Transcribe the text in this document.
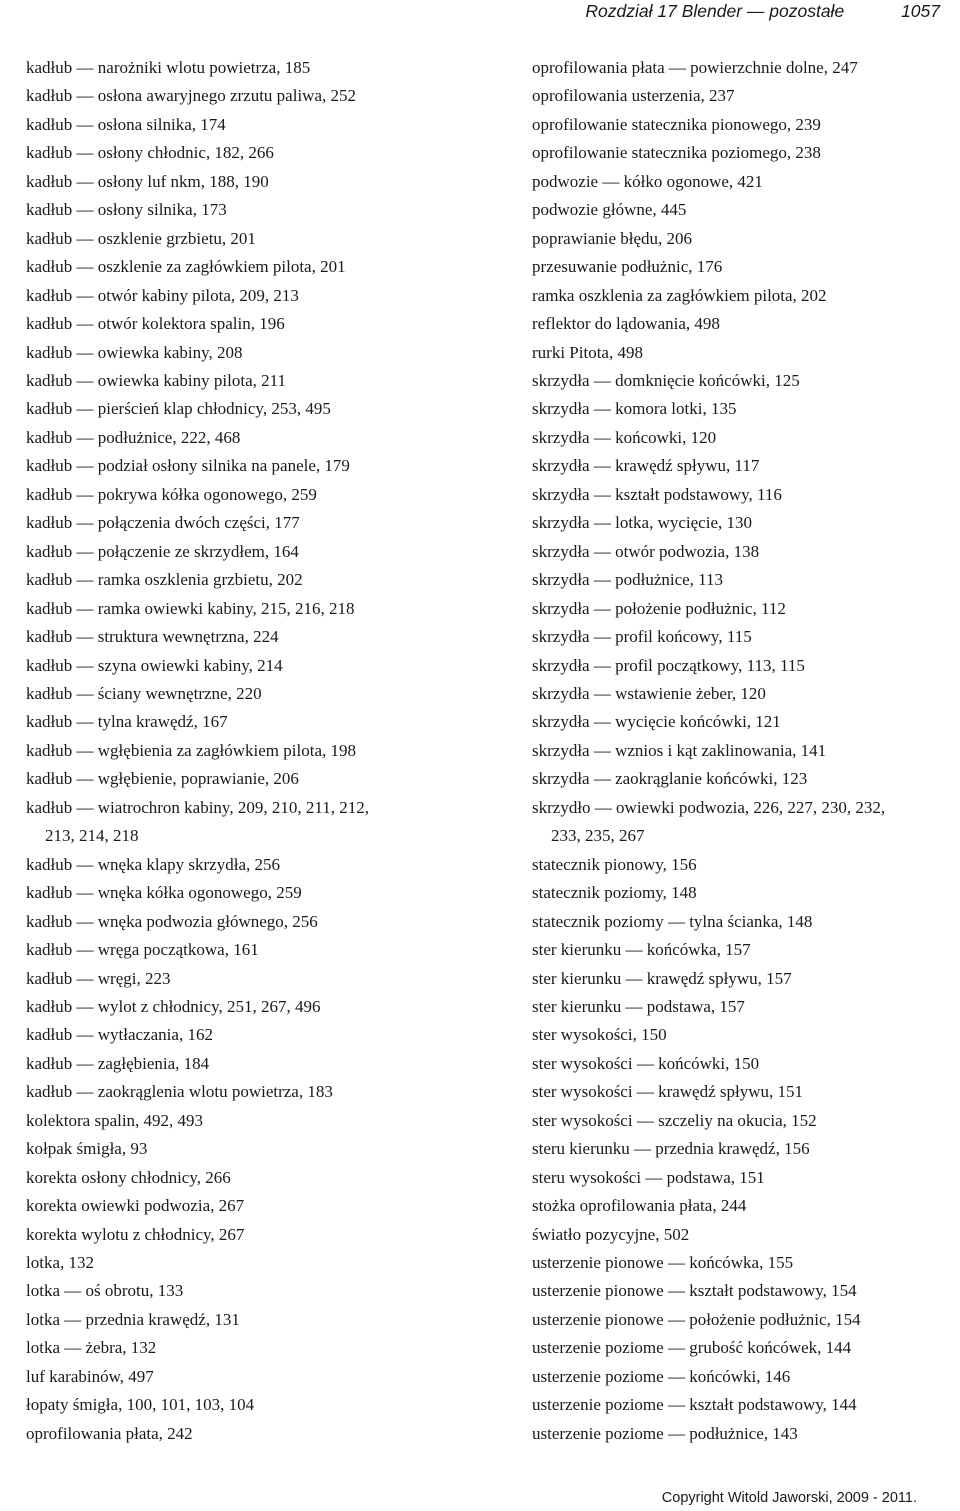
Rozdział 17 Blender — pozostałe	1057
kadłub — narożniki wlotu powietrza, 185
kadłub — osłona awaryjnego zrzutu paliwa, 252
kadłub — osłona silnika, 174
kadłub — osłony chłodnic, 182, 266
kadłub — osłony luf nkm, 188, 190
kadłub — osłony silnika, 173
kadłub — oszklenie grzbietu, 201
kadłub — oszklenie za zagłówkiem pilota, 201
kadłub — otwór kabiny pilota, 209, 213
kadłub — otwór kolektora spalin, 196
kadłub — owiewka kabiny, 208
kadłub — owiewka kabiny pilota, 211
kadłub — pierścień klap chłodnicy, 253, 495
kadłub — podłużnice, 222, 468
kadłub — podział osłony silnika na panele, 179
kadłub — pokrywa kółka ogonowego, 259
kadłub — połączenia dwóch części, 177
kadłub — połączenie ze skrzydłem, 164
kadłub — ramka oszklenia grzbietu, 202
kadłub — ramka owiewki kabiny, 215, 216, 218
kadłub — struktura wewnętrzna, 224
kadłub — szyna owiewki kabiny, 214
kadłub — ściany wewnętrzne, 220
kadłub — tylna krawędź, 167
kadłub — wgłębienia za zagłówkiem pilota, 198
kadłub — wgłębienie, poprawianie, 206
kadłub — wiatrochron kabiny, 209, 210, 211, 212,
213, 214, 218
kadłub — wnęka klapy skrzydła, 256
kadłub — wnęka kółka ogonowego, 259
kadłub — wnęka podwozia głównego, 256
kadłub — wręga początkowa, 161
kadłub — wręgi, 223
kadłub — wylot z chłodnicy, 251, 267, 496
kadłub — wytłaczania, 162
kadłub — zagłębienia, 184
kadłub — zaokrąglenia wlotu powietrza, 183
kolektora spalin, 492, 493
kołpak śmigła, 93
korekta osłony chłodnicy, 266
korekta owiewki podwozia, 267
korekta wylotu z chłodnicy, 267
lotka, 132
lotka — oś obrotu, 133
lotka — przednia krawędź, 131
lotka — żebra, 132
luf karabinów, 497
łopaty śmigła, 100, 101, 103, 104
oprofilowania płata, 242
oprofilowania płata — powierzchnie dolne, 247
oprofilowania usterzenia, 237
oprofilowanie statecznika pionowego, 239
oprofilowanie statecznika poziomego, 238
podwozie — kółko ogonowe, 421
podwozie główne, 445
poprawianie błędu, 206
przesuwanie podłużnic, 176
ramka oszklenia za zagłówkiem pilota, 202
reflektor do lądowania, 498
rurki Pitota, 498
skrzydła — domknięcie końcówki, 125
skrzydła — komora lotki, 135
skrzydła — końcowki, 120
skrzydła — krawędź spływu, 117
skrzydła — kształt podstawowy, 116
skrzydła — lotka, wycięcie, 130
skrzydła — otwór podwozia, 138
skrzydła — podłużnice, 113
skrzydła — położenie podłużnic, 112
skrzydła — profil końcowy, 115
skrzydła — profil początkowy, 113, 115
skrzydła — wstawienie żeber, 120
skrzydła — wycięcie końcówki, 121
skrzydła — wznios i kąt zaklinowania, 141
skrzydła — zaokrąglanie końcówki, 123
skrzydło — owiewki podwozia, 226, 227, 230, 232,
233, 235, 267
statecznik pionowy, 156
statecznik poziomy, 148
statecznik poziomy — tylna ścianka, 148
ster kierunku — końcówka, 157
ster kierunku — krawędź spływu, 157
ster kierunku — podstawa, 157
ster wysokości, 150
ster wysokości — końcówki, 150
ster wysokości — krawędź spływu, 151
ster wysokości — szczeliy na okucia, 152
steru kierunku — przednia krawędź, 156
steru wysokości — podstawa, 151
stożka oprofilowania płata, 244
światło pozycyjne, 502
usterzenie pionowe — końcówka, 155
usterzenie pionowe — kształt podstawowy, 154
usterzenie pionowe — położenie podłużnic, 154
usterzenie poziome — grubość końcówek, 144
usterzenie poziome — końcówki, 146
usterzenie poziome — kształt podstawowy, 144
usterzenie poziome — podłużnice, 143
Copyright Witold Jaworski, 2009 - 2011.
